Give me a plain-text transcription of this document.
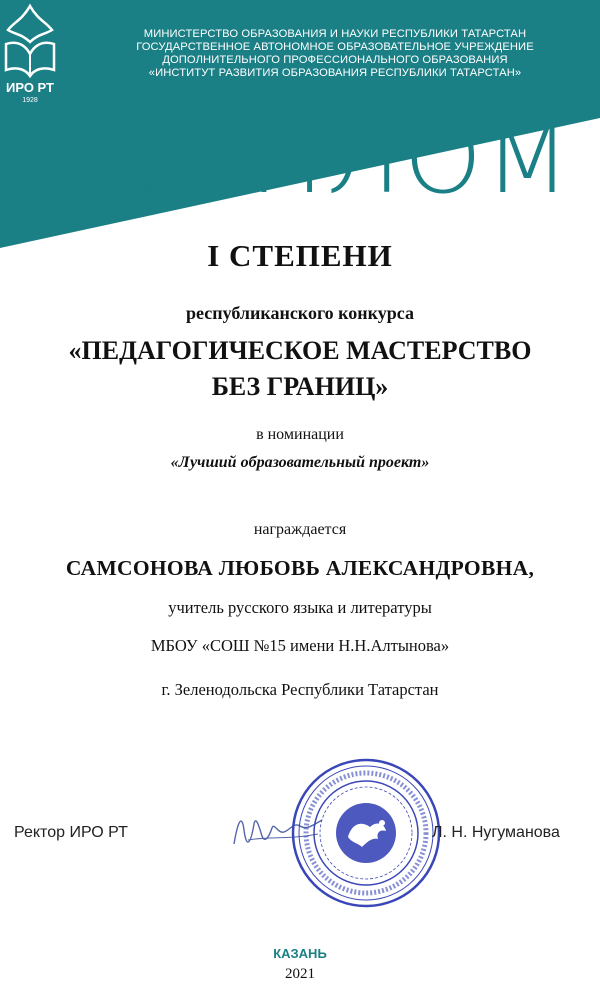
ИРО РТ
1928
МИНИСТЕРСТВО ОБРАЗОВАНИЯ И НАУКИ РЕСПУБЛИКИ ТАТАРСТАН
ГОСУДАРСТВЕННОЕ АВТОНОМНОЕ ОБРАЗОВАТЕЛЬНОЕ УЧРЕЖДЕНИЕ
ДОПОЛНИТЕЛЬНОГО ПРОФЕССИОНАЛЬНОГО ОБРАЗОВАНИЯ
«ИНСТИТУТ РАЗВИТИЯ ОБРАЗОВАНИЯ РЕСПУБЛИКИ ТАТАРСТАН»
ДИПЛОМ
I СТЕПЕНИ
республиканского конкурса
«ПЕДАГОГИЧЕСКОЕ МАСТЕРСТВО
БЕЗ ГРАНИЦ»
в номинации
«Лучший образовательный проект»
награждается
САМСОНОВА ЛЮБОВЬ АЛЕКСАНДРОВНА,
учитель русского языка и литературы
МБОУ «СОШ №15 имени Н.Н.Алтынова»
г. Зеленодольска Республики Татарстан
Ректор ИРО РТ	Л. Н. Нугуманова
КАЗАНЬ
2021
